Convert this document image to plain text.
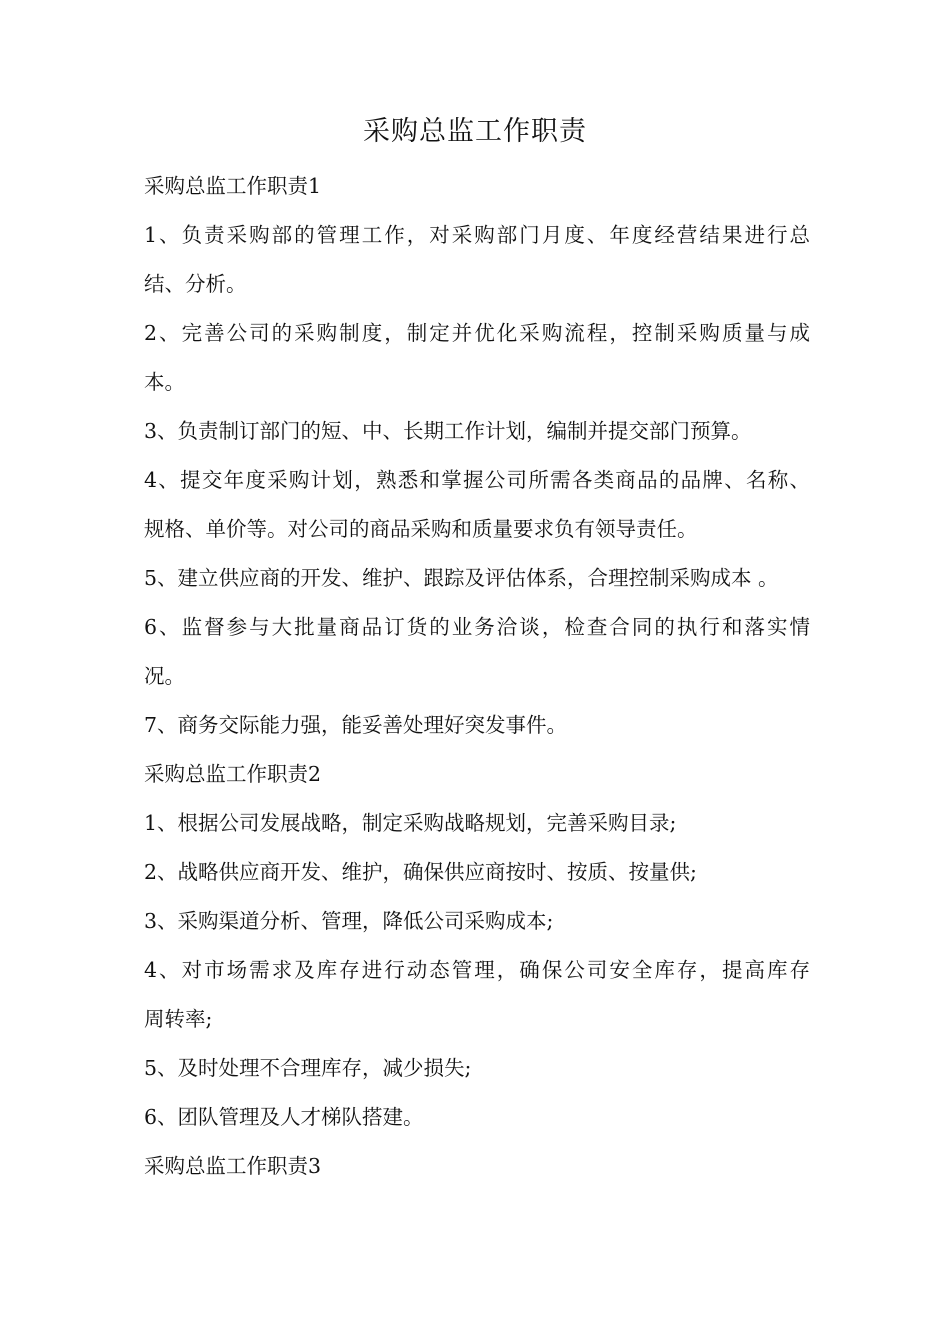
采购总监工作职责

采购总监工作职责1

1、负责采购部的管理工作，对采购部门月度、年度经营结果进行总

结、分析。

2、完善公司的采购制度，制定并优化采购流程，控制采购质量与成

本。

3、负责制订部门的短、中、长期工作计划，编制并提交部门预算。

4、提交年度采购计划，熟悉和掌握公司所需各类商品的品牌、名称、

规格、单价等。对公司的商品采购和质量要求负有领导责任。

5、建立供应商的开发、维护、跟踪及评估体系，合理控制采购成本 。

6、监督参与大批量商品订货的业务洽谈，检查合同的执行和落实情

况。

7、商务交际能力强，能妥善处理好突发事件。

采购总监工作职责2

1、根据公司发展战略，制定采购战略规划，完善采购目录;

2、战略供应商开发、维护，确保供应商按时、按质、按量供;

3、采购渠道分析、管理，降低公司采购成本;

4、对市场需求及库存进行动态管理，确保公司安全库存，提高库存

周转率;

5、及时处理不合理库存，减少损失;

6、团队管理及人才梯队搭建。

采购总监工作职责3
